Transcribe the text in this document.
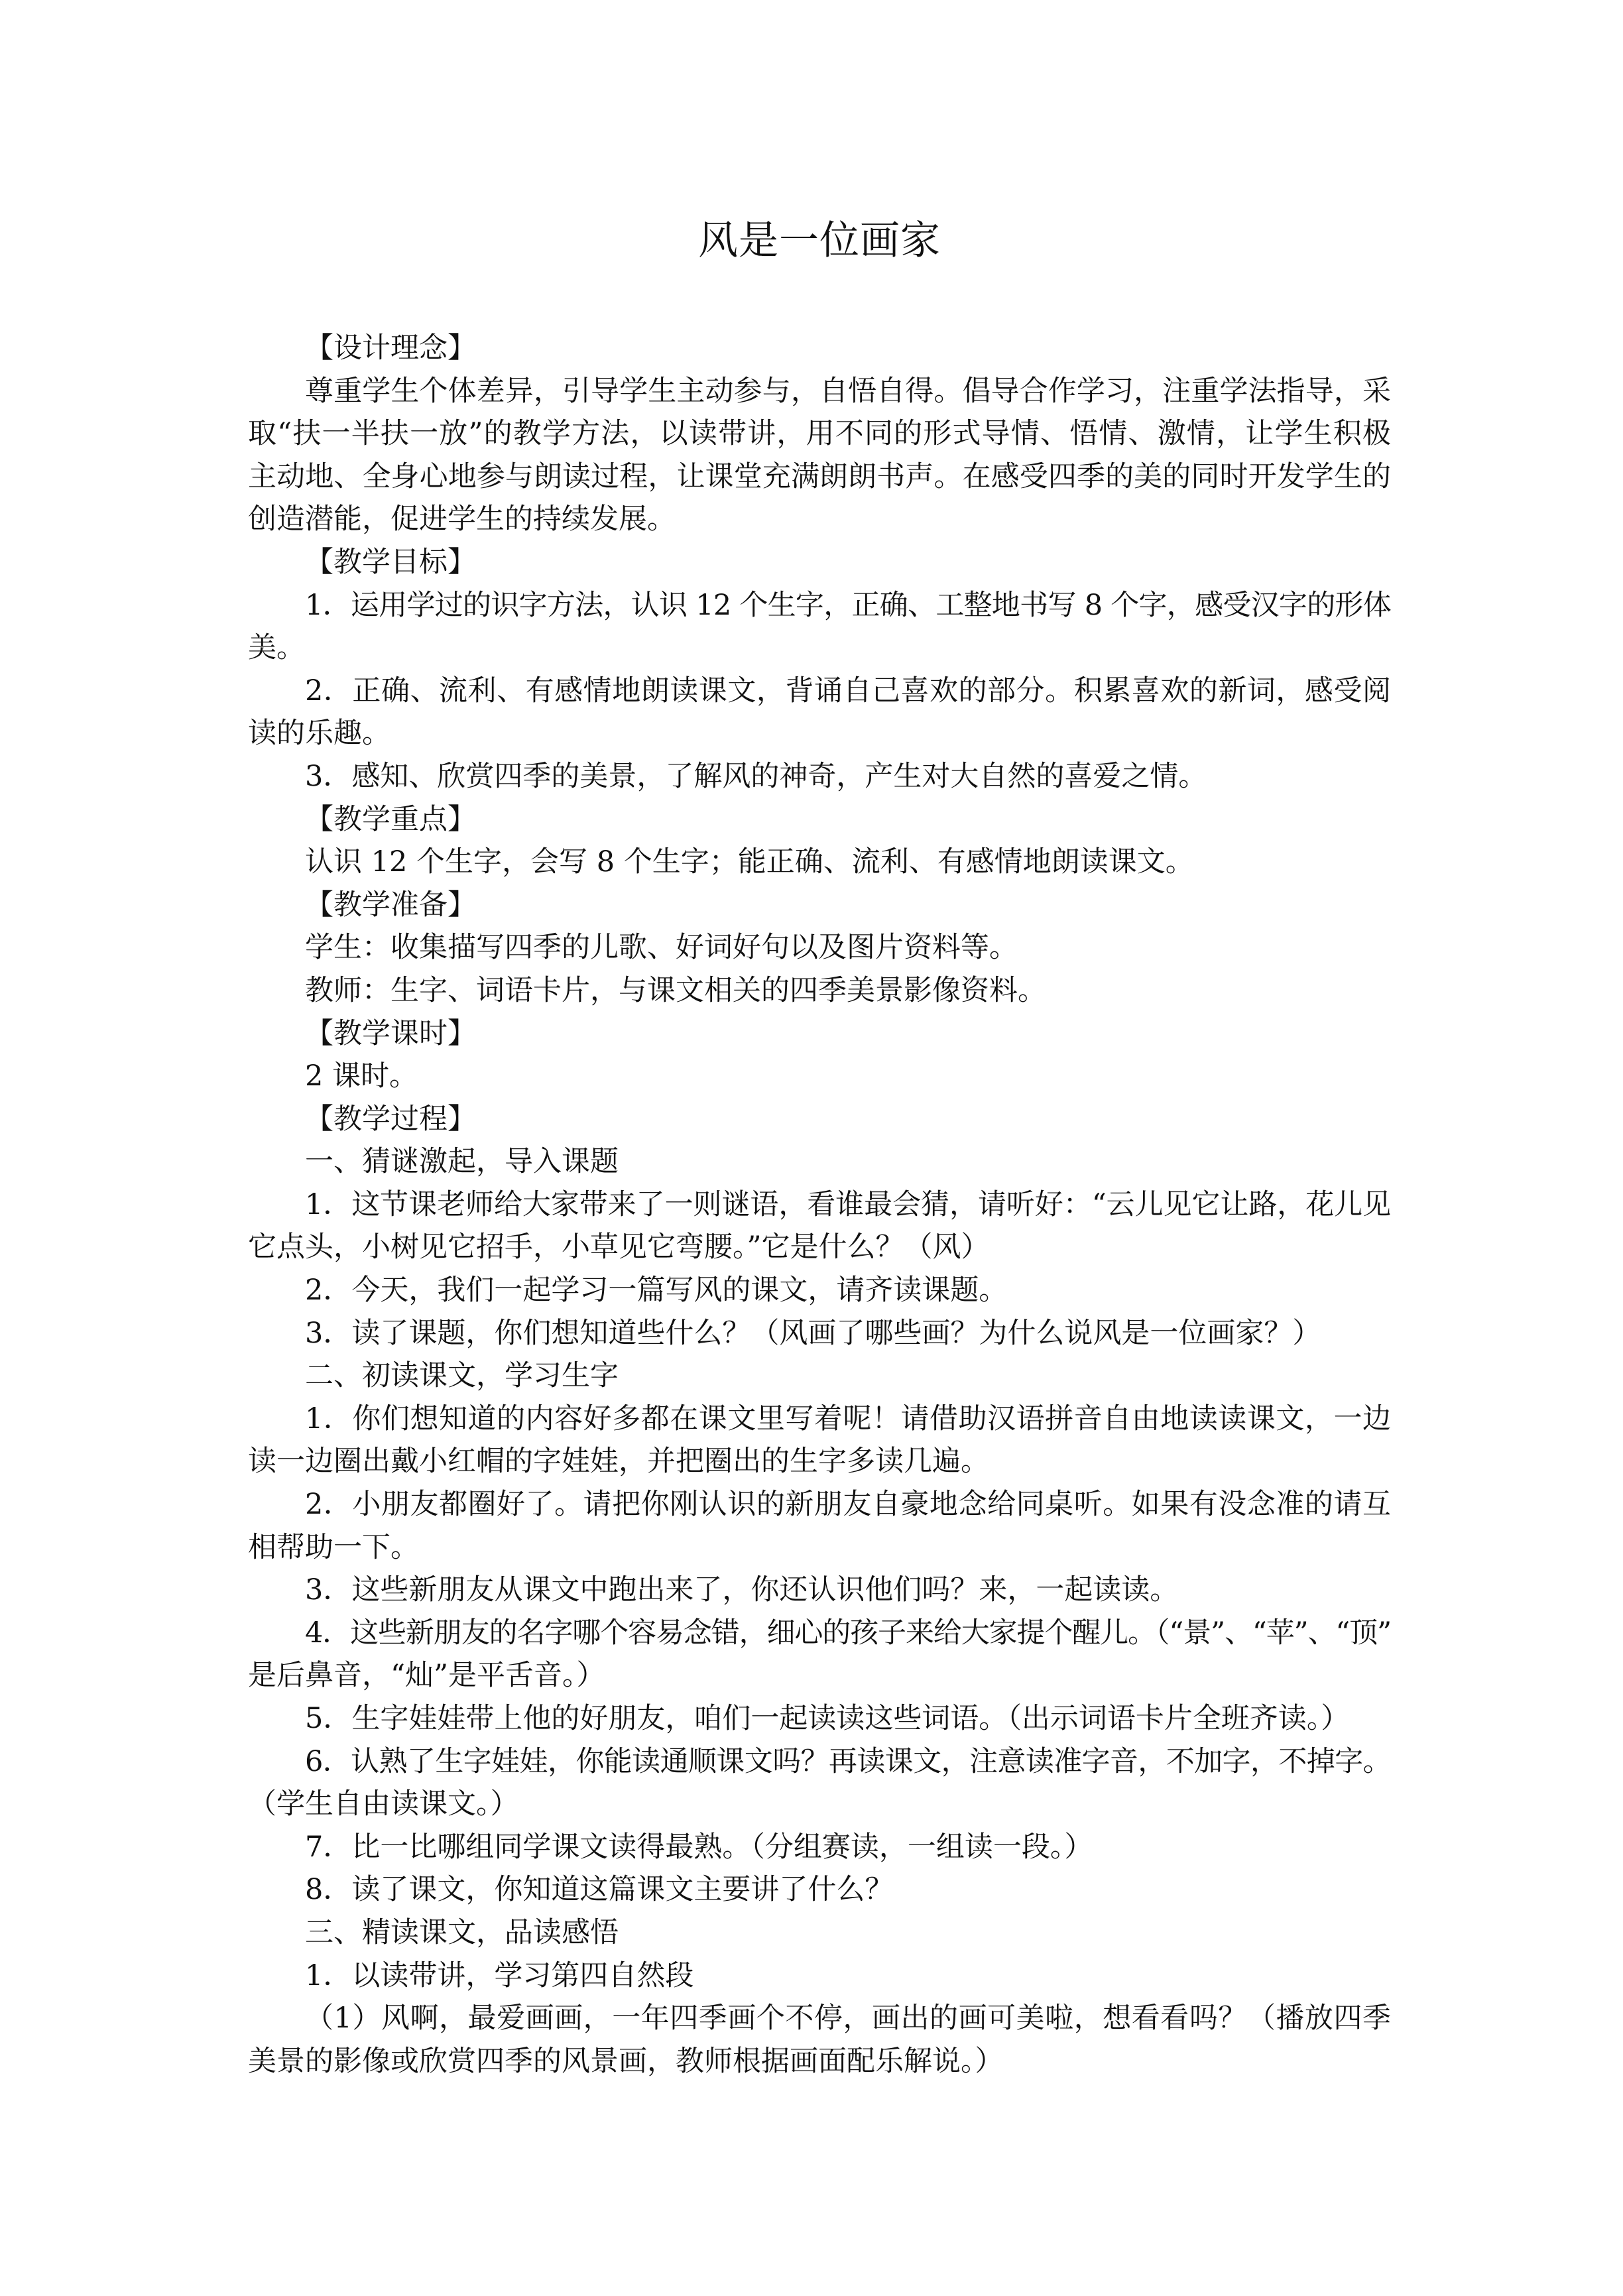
风是一位画家
【设计理念】
尊重学生个体差异，引导学生主动参与，自悟自得。倡导合作学习，注重学法指导，采
取“扶一半扶一放”的教学方法，以读带讲，用不同的形式导情、悟情、激情，让学生积极
主动地、全身心地参与朗读过程，让课堂充满朗朗书声。在感受四季的美的同时开发学生的
创造潜能，促进学生的持续发展。
【教学目标】
1．运用学过的识字方法，认识 12 个生字，正确、工整地书写 8 个字，感受汉字的形体
美。
2．正确、流利、有感情地朗读课文，背诵自己喜欢的部分。积累喜欢的新词，感受阅
读的乐趣。
3．感知、欣赏四季的美景，了解风的神奇，产生对大自然的喜爱之情。
【教学重点】
认识 12 个生字，会写 8 个生字；能正确、流利、有感情地朗读课文。
【教学准备】
学生：收集描写四季的儿歌、好词好句以及图片资料等。
教师：生字、词语卡片，与课文相关的四季美景影像资料。
【教学课时】
2 课时。
【教学过程】
一、猜谜激起，导入课题
1．这节课老师给大家带来了一则谜语，看谁最会猜，请听好：“云儿见它让路，花儿见
它点头，小树见它招手，小草见它弯腰。”它是什么？（风）
2．今天，我们一起学习一篇写风的课文，请齐读课题。
3．读了课题，你们想知道些什么？（风画了哪些画？为什么说风是一位画家？）
二、初读课文，学习生字
1．你们想知道的内容好多都在课文里写着呢！请借助汉语拼音自由地读读课文，一边
读一边圈出戴小红帽的字娃娃，并把圈出的生字多读几遍。
2．小朋友都圈好了。请把你刚认识的新朋友自豪地念给同桌听。如果有没念准的请互
相帮助一下。
3．这些新朋友从课文中跑出来了，你还认识他们吗？来，一起读读。
4．这些新朋友的名字哪个容易念错，细心的孩子来给大家提个醒儿。（“景”、“苹”、“顶”
是后鼻音，“灿”是平舌音。）
5．生字娃娃带上他的好朋友，咱们一起读读这些词语。（出示词语卡片全班齐读。）
6．认熟了生字娃娃，你能读通顺课文吗？再读课文，注意读准字音，不加字，不掉字。
（学生自由读课文。）
7．比一比哪组同学课文读得最熟。（分组赛读，一组读一段。）
8．读了课文，你知道这篇课文主要讲了什么？
三、精读课文，品读感悟
1．以读带讲，学习第四自然段
（1）风啊，最爱画画，一年四季画个不停，画出的画可美啦，想看看吗？（播放四季
美景的影像或欣赏四季的风景画，教师根据画面配乐解说。）
